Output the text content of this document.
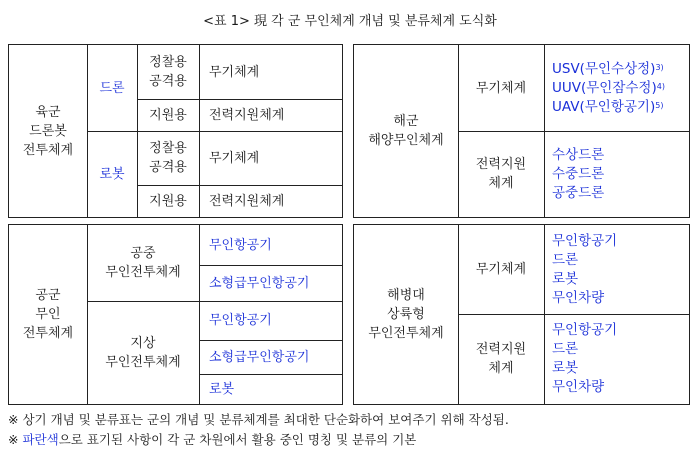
<표 1> 現 각 군 무인체계 개념 및 분류체계 도식화
육군
드론봇
전투체계
드론
로봇
정찰용
공격용
무기체계
지원용	전력지원체계
정찰용
공격용
무기체계
지원용	전력지원체계
해군
해양무인체계
무기체계
전력지원
체계
USV(무인수상정)$^{3)}$
UUV(무인잠수정)$^{4)}$
UAV(무인항공기)$^{5)}$
수상드론
수중드론
공중드론
공군
무인
전투체계
공중
무인전투체계
지상
무인전투체계
무인항공기
소형급무인항공기
무인항공기
소형급무인항공기
로봇
해병대
상륙형
무인전투체계
무기체계
전력지원
체계
무인항공기
드론
로봇
무인차량
무인항공기
드론
로봇
무인차량
※ 상기 개념 및 분류표는 군의 개념 및 분류체계를 최대한 단순화하여 보여주기 위해 작성됨.
※ 파란색으로 표기된 사항이 각 군 차원에서 활용 중인 명칭 및 분류의 기본
